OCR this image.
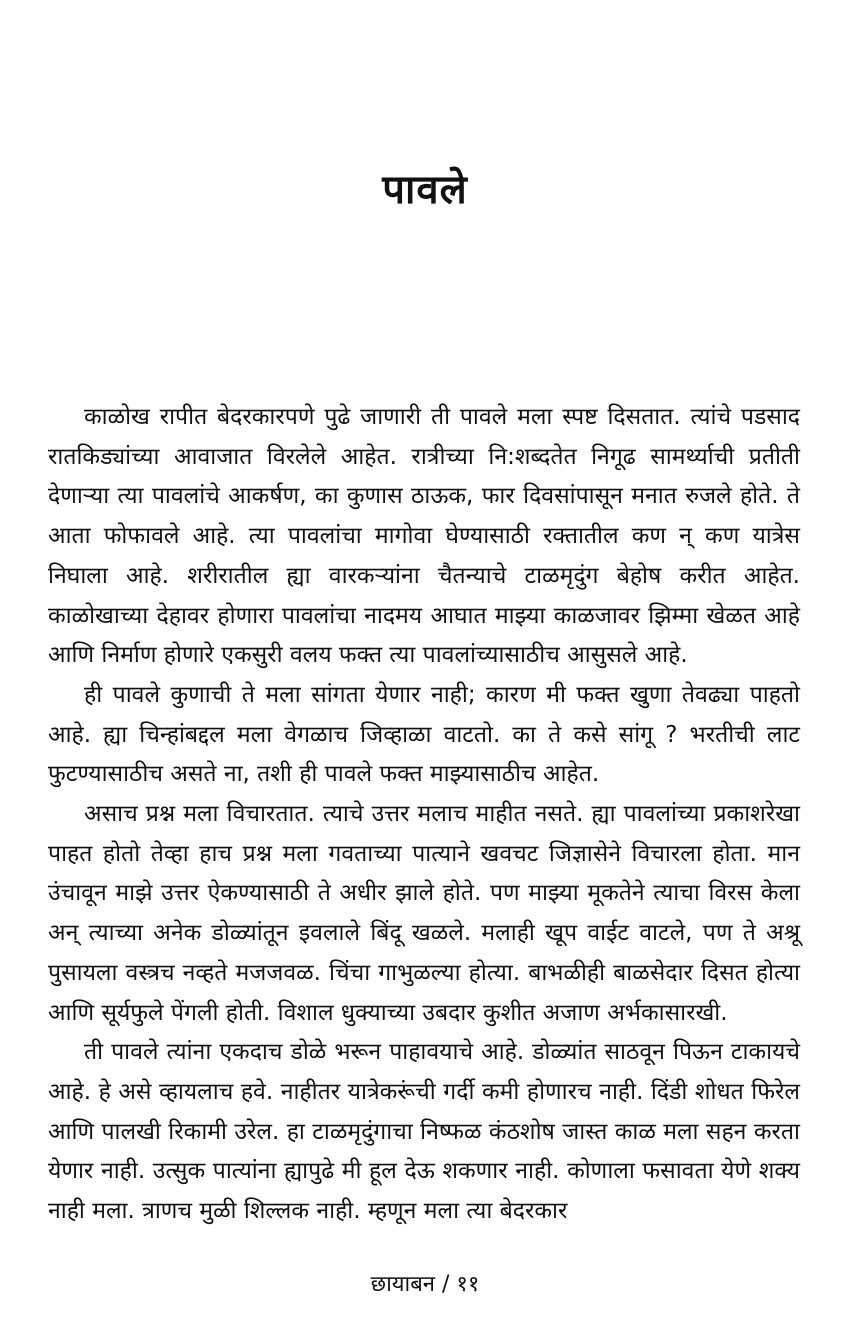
पावले

काळोख रापीत बेदरकारपणे पुढे जाणारी ती पावले मला स्पष्ट दिसतात. त्यांचे पडसाद रातकिड्यांच्या आवाजात विरलेले आहेत. रात्रीच्या नि:शब्दतेत निगूढ सामर्थ्याची प्रतीती देणाऱ्या त्या पावलांचे आकर्षण, का कुणास ठाऊक, फार दिवसांपासून मनात रुजले होते. ते आता फोफावले आहे. त्या पावलांचा मागोवा घेण्यासाठी रक्तातील कण न् कण यात्रेस निघाला आहे. शरीरातील ह्या वारकऱ्यांना चैतन्याचे टाळमृदुंग बेहोष करीत आहेत. काळोखाच्या देहावर होणारा पावलांचा नादमय आघात माझ्या काळजावर झिम्मा खेळत आहे आणि निर्माण होणारे एकसुरी वलय फक्त त्या पावलांच्यासाठीच आसुसले आहे.

ही पावले कुणाची ते मला सांगता येणार नाही; कारण मी फक्त खुणा तेवढ्या पाहतो आहे. ह्या चिन्हांबद्दल मला वेगळाच जिव्हाळा वाटतो. का ते कसे सांगू ? भरतीची लाट फुटण्यासाठीच असते ना, तशी ही पावले फक्त माझ्यासाठीच आहेत.

असाच प्रश्न मला विचारतात. त्याचे उत्तर मलाच माहीत नसते. ह्या पावलांच्या प्रकाशरेखा पाहत होतो तेव्हा हाच प्रश्न मला गवताच्या पात्याने खवचट जिज्ञासेने विचारला होता. मान उंचावून माझे उत्तर ऐकण्यासाठी ते अधीर झाले होते. पण माझ्या मूकतेने त्याचा विरस केला अन् त्याच्या अनेक डोळ्यांतून इवलाले बिंदू खळले. मलाही खूप वाईट वाटले, पण ते अश्रू पुसायला वस्त्रच नव्हते मजजवळ. चिंचा गाभुळल्या होत्या. बाभळीही बाळसेदार दिसत होत्या आणि सूर्यफुले पेंगली होती. विशाल धुक्याच्या उबदार कुशीत अजाण अर्भकासारखी.

ती पावले त्यांना एकदाच डोळे भरून पाहावयाचे आहे. डोळ्यांत साठवून पिऊन टाकायचे आहे. हे असे व्हायलाच हवे. नाहीतर यात्रेकरूंची गर्दी कमी होणारच नाही. दिंडी शोधत फिरेल आणि पालखी रिकामी उरेल. हा टाळमृदुंगाचा निष्फळ कंठशोष जास्त काळ मला सहन करता येणार नाही. उत्सुक पात्यांना ह्यापुढे मी हूल देऊ शकणार नाही. कोणाला फसावता येणे शक्य नाही मला. त्राणच मुळी शिल्लक नाही. म्हणून मला त्या बेदरकार

छायाबन / ११
